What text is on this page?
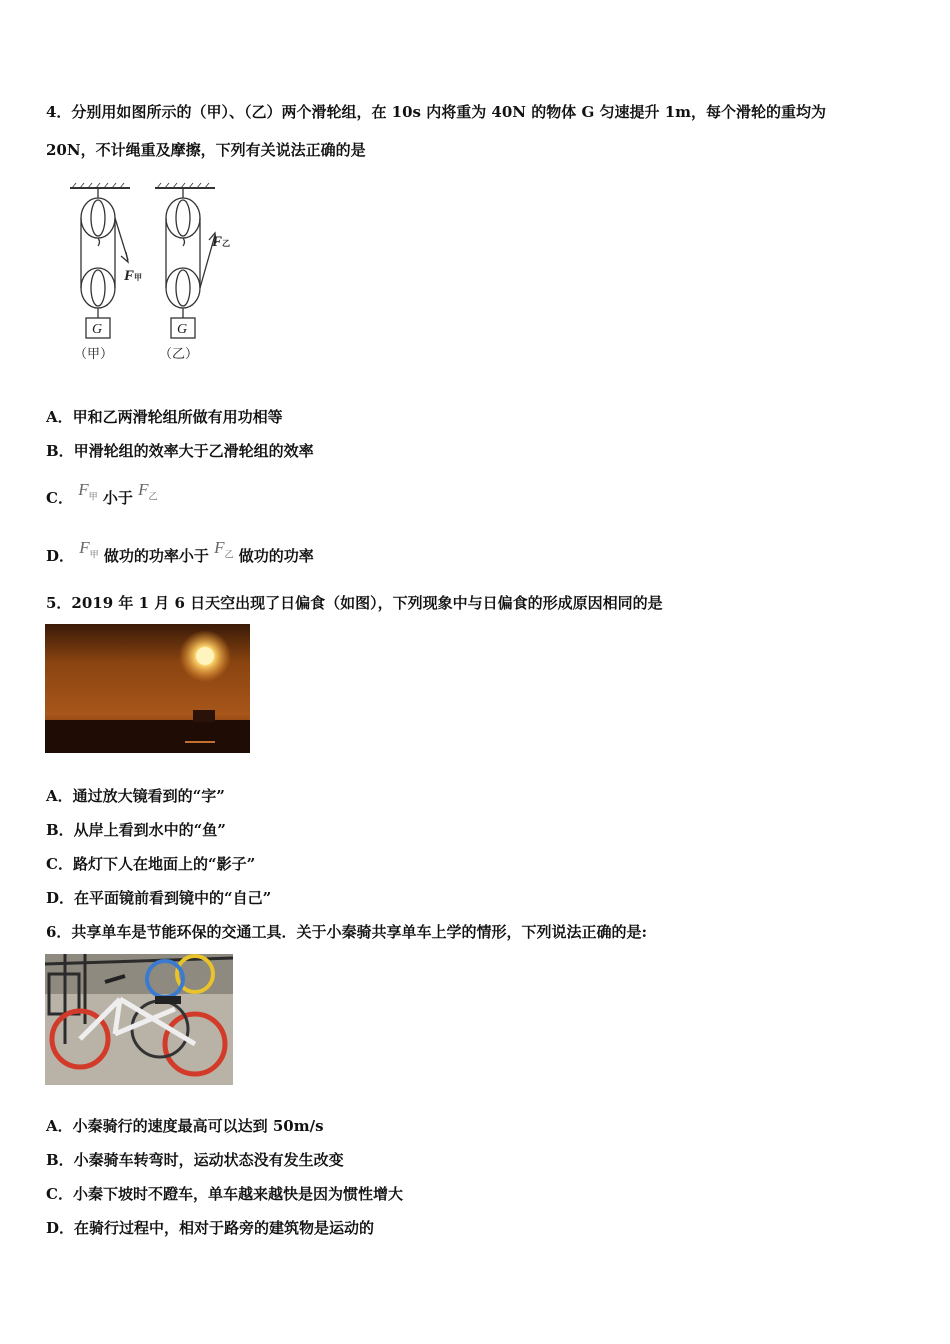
4．分别用如图所示的（甲）、（乙）两个滑轮组，在 10s 内将重为 40N 的物体 G 匀速提升 1m，每个滑轮的重均为
20N，不计绳重及摩擦，下列有关说法正确的是
F甲
F乙
G	G
（甲）	（乙）
A．甲和乙两滑轮组所做有用功相等
B．甲滑轮组的效率大于乙滑轮组的效率
C． $F_甲$ 小于 $F_乙$
D． $F_甲$ 做功的功率小于 $F_乙$ 做功的功率
5．2019 年 1 月 6 日天空出现了日偏食（如图），下列现象中与日偏食的形成原因相同的是
A．通过放大镜看到的“字”
B．从岸上看到水中的“鱼”
C．路灯下人在地面上的“影子”
D．在平面镜前看到镜中的“自己”
6．共享单车是节能环保的交通工具．关于小秦骑共享单车上学的情形，下列说法正确的是:
A．小秦骑行的速度最高可以达到 50m/s
B．小秦骑车转弯时，运动状态没有发生改变
C．小秦下坡时不蹬车，单车越来越快是因为惯性增大
D．在骑行过程中，相对于路旁的建筑物是运动的
